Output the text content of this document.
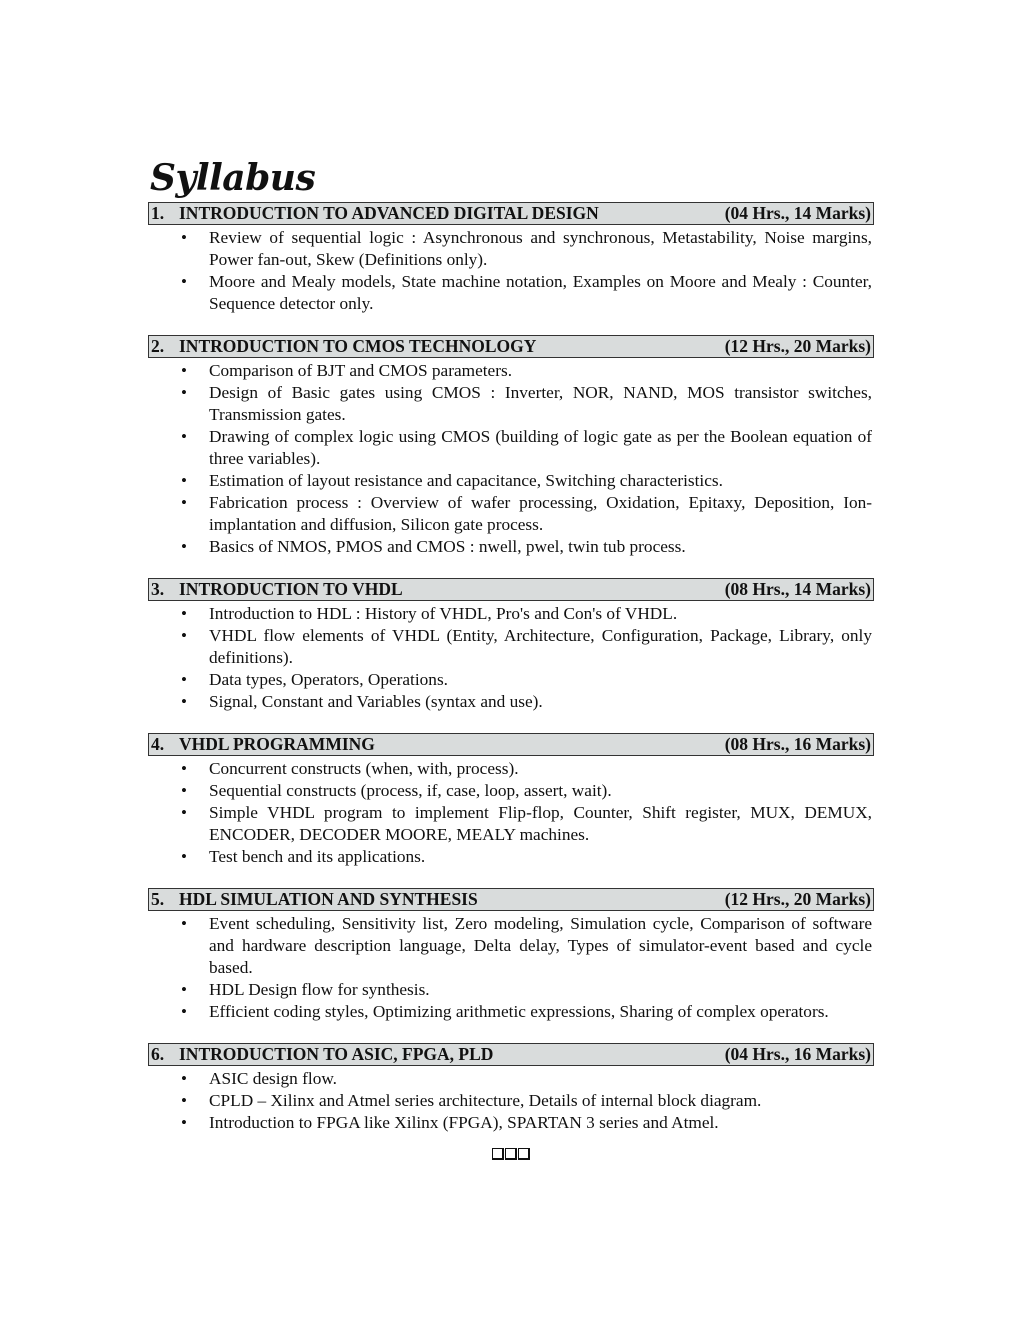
Syllabus
1. INTRODUCTION TO ADVANCED DIGITAL DESIGN	(04 Hrs., 14 Marks)
• Review of sequential logic : Asynchronous and synchronous, Metastability, Noise margins, Power fan-out, Skew (Definitions only).
• Moore and Mealy models, State machine notation, Examples on Moore and Mealy : Counter, Sequence detector only.
2. INTRODUCTION TO CMOS TECHNOLOGY	(12 Hrs., 20 Marks)
• Comparison of BJT and CMOS parameters.
• Design of Basic gates using CMOS : Inverter, NOR, NAND, MOS transistor switches, Transmission gates.
• Drawing of complex logic using CMOS (building of logic gate as per the Boolean equation of three variables).
• Estimation of layout resistance and capacitance, Switching characteristics.
• Fabrication process : Overview of wafer processing, Oxidation, Epitaxy, Deposition, Ion-implantation and diffusion, Silicon gate process.
• Basics of NMOS, PMOS and CMOS : nwell, pwel, twin tub process.
3. INTRODUCTION TO VHDL	(08 Hrs., 14 Marks)
• Introduction to HDL : History of VHDL, Pro's and Con's of VHDL.
• VHDL flow elements of VHDL (Entity, Architecture, Configuration, Package, Library, only definitions).
• Data types, Operators, Operations.
• Signal, Constant and Variables (syntax and use).
4. VHDL PROGRAMMING	(08 Hrs., 16 Marks)
• Concurrent constructs (when, with, process).
• Sequential constructs (process, if, case, loop, assert, wait).
• Simple VHDL program to implement Flip-flop, Counter, Shift register, MUX, DEMUX, ENCODER, DECODER MOORE, MEALY machines.
• Test bench and its applications.
5. HDL SIMULATION AND SYNTHESIS	(12 Hrs., 20 Marks)
• Event scheduling, Sensitivity list, Zero modeling, Simulation cycle, Comparison of software and hardware description language, Delta delay, Types of simulator-event based and cycle based.
• HDL Design flow for synthesis.
• Efficient coding styles, Optimizing arithmetic expressions, Sharing of complex operators.
6. INTRODUCTION TO ASIC, FPGA, PLD	(04 Hrs., 16 Marks)
• ASIC design flow.
• CPLD – Xilinx and Atmel series architecture, Details of internal block diagram.
• Introduction to FPGA like Xilinx (FPGA), SPARTAN 3 series and Atmel.
